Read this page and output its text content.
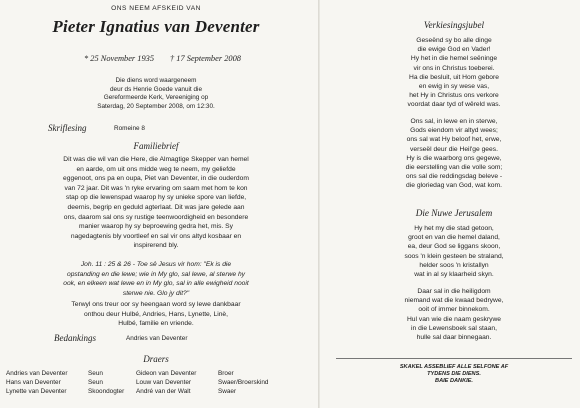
ONS NEEM AFSKEID VAN
Pieter Ignatius van Deventer
* 25 November 1935 † 17 September 2008
Die diens word waargeneem
deur ds Henrie Goede vanuit die
Gereformeerde Kerk, Vereeniging op
Saterdag, 20 September 2008, om 12:30.
Skriflesing	Romeine 8
Familiebrief
Dit was die wil van die Here, die Almagtige Skepper van hemel
en aarde, om uit ons midde weg te neem, my geliefde
eggenoot, ons pa en oupa, Piet van Deventer, in die ouderdom
van 72 jaar. Dit was 'n ryke ervaring om saam met hom te kon
stap op die lewenspad waarop hy sy unieke spore van liefde,
deernis, begrip en geduld agterlaat. Dit was jare gelede aan
ons, daarom sal ons sy rustige teenwoordigheid en besondere
manier waarop hy sy beproewing gedra het, mis. Sy
nagedagtenis bly voortleef en sal vir ons altyd kosbaar en
inspirerend bly.
Joh. 11 : 25 & 26 - Toe sê Jesus vir hom: "Ek is die
opstanding en die lewe; wie in My glo, sal lewe, al sterwe hy
ook, en elkeen wat lewe en in My glo, sal in alle ewigheid nooit
sterwe nie. Glo jy dit?"
Terwyl ons treur oor sy heengaan word sy lewe dankbaar
onthou deur Hulbé, Andries, Hans, Lynette, Linè,
Hulbé, familie en vriende.
Bedankings	Andries van Deventer
Draers
Andries van Deventer	Seun	Gideon van Deventer	Broer
Hans van Deventer	Seun	Louw van Deventer	Swaer/Broerskind
Lynette van Deventer	Skoondogter	André van der Walt	Swaer
Verkiesingsjubel
Geseënd sy bo alle dinge
die ewige God en Vader!
Hy het in die hemel seëninge
vir ons in Christus toeberei.
Ha die besluit, uit Hom gebore
en ewig in sy wese vas,
het Hy in Christus ons verkore
voordat daar tyd of wêreld was.
Ons sal, in lewe en in sterwe,
Gods eiendom vir altyd wees;
ons sal wat Hy beloof het, erwe,
verseël deur die Heil'ge gees.
Hy is die waarborg ons gegewe,
die eerstelling van die volle som;
ons sal die reddingsdag beleve -
die gloriedag van God, wat kom.
Die Nuwe Jerusalem
Hy het my die stad getoon,
groot en van die hemel daland,
ea, deur God se liggans skoon,
soos 'n klein gesteen be straland,
helder soos 'n kristallyn
wat in al sy klaarheid skyn.
Daar sal in die heiligdom
niemand wat die kwaad bedrywe,
ooit of immer binnekom.
Hul van wie die naam geskrywe
in die Lewensboek sal staan,
hulle sal daar binnegaan.
SKAKEL ASSEBLIEF ALLE SELFONE AF
TYDENS DIE DIENS.
BAIE DANKIE.
